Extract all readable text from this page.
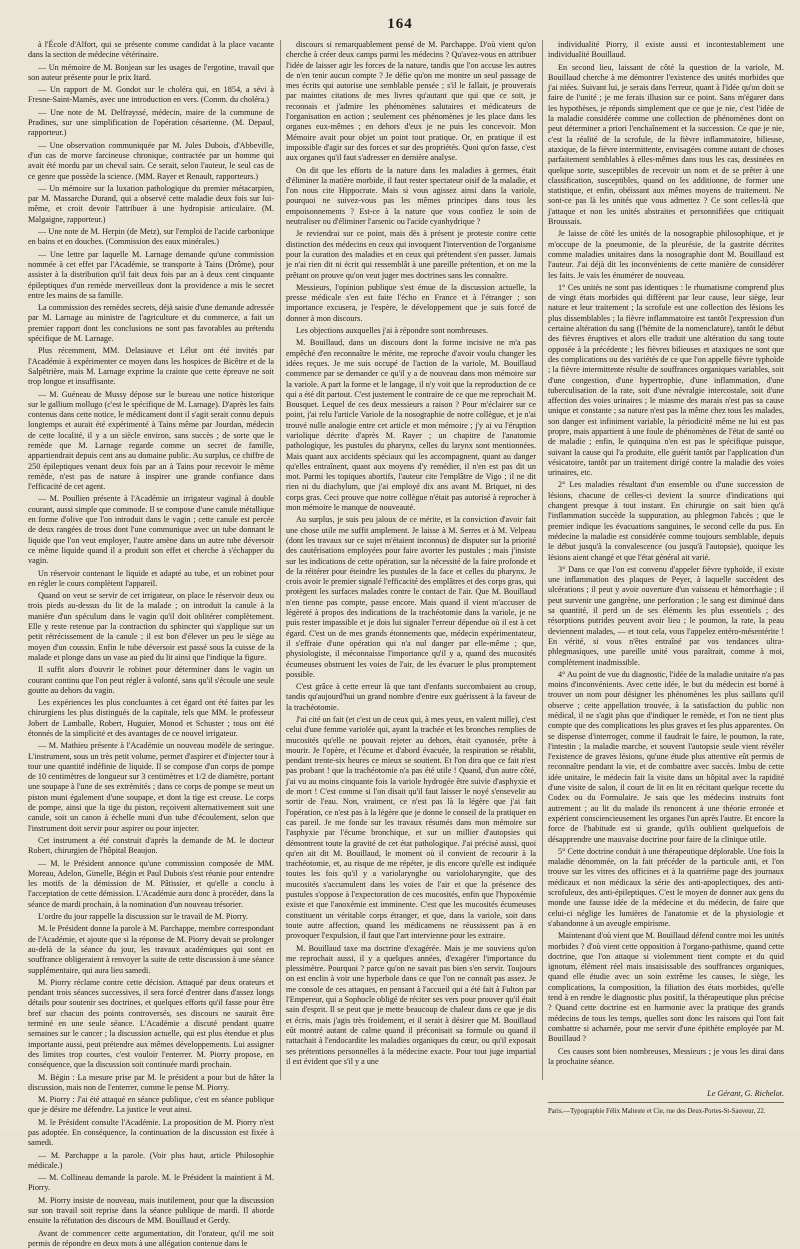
164

à l'École d'Alfort, qui se présente comme candidat à la place vacante dans la section de médecine vétérinaire.

— Un mémoire de M. Bonjean sur les usages de l'ergotine, travail que son auteur présente pour le prix Itard.

— Un rapport de M. Gondot sur le choléra qui, en 1854, a sévi à Fresne-Saint-Mamès, avec une introduction en vers. (Comm. du choléra.)

— Une note de M. Delfrayssé, médecin, maire de la commune de Pradines, sur une simplification de l'opération césarienne. (M. Depaul, rapporteur.)

— Une observation communiquée par M. Jules Dubois, d'Abbeville, d'un cas de morve farcineuse chronique, contractée par un homme qui avait été mordu par un cheval sain. Ce serait, selon l'auteur, le seul cas de ce genre que possède la science. (MM. Rayer et Renault, rapporteurs.)

— Un mémoire sur la luxation pathologique du premier métacarpien, par M. Massarche Durand, qui a observé cette maladie deux fois sur lui-même, et croit devoir l'attribuer à une hydropisie articulaire. (M. Malgaigne, rapporteur.)

— Une note de M. Herpin (de Metz), sur l'emploi de l'acide carbonique en bains et en douches. (Commission des eaux minérales.)

— Une lettre par laquelle M. Larnage demande qu'une commission nommée à cet effet par l'Académie, se transporte à Tains (Drôme), pour assister à la distribution qu'il fait deux fois par an à deux cent cinquante épileptiques d'un remède merveilleux dont la providence a mis le secret entre les mains de sa famille.

La commission des remèdes secrets, déjà saisie d'une demande adressée par M. Larnage au ministre de l'agriculture et du commerce, a fait un premier rapport dont les conclusions ne sont pas favorables au prétendu spécifique de M. Larnage.

Plus récemment, MM. Delasiauve et Lélut ont été invités par l'Académie à expérimenter ce moyen dans les hospices de Bicêtre et de la Salpêtrière, mais M. Larnage exprime la crainte que cette épreuve ne soit trop longue et insuffisante.

— M. Guéneau de Mussy dépose sur le bureau une notice historique sur le gallium mollugo (c'est le spécifique de M. Larnage). D'après les faits contenus dans cette notice, le médicament dont il s'agit serait connu depuis longtemps et aurait été expérimenté à Tains même par Jourdan, médecin de cette localité, il y a un siècle environ, sans succès ; de sorte que le remède que M. Larnage regarde comme un secret de famille, appartiendrait depuis cent ans au domaine public. Au surplus, ce chiffre de 250 épileptiques venant deux fois par an à Tains pour recevoir le même remède, n'est pas de nature à inspirer une grande confiance dans l'efficacité de cet agent.

— M. Poullien présente à l'Académie un irrigateur vaginal à double courant, aussi simple que commode. Il se compose d'une canule métallique en forme d'olive que l'on introduit dans le vagin ; cette canule est percée de deux rangées de trous dont l'une communique avec un tube donnant le liquide que l'on veut employer, l'autre amène dans un autre tube déversoir ce même liquide quand il a produit son effet et cherche à s'échapper du vagin.

Un réservoir contenant le liquide et adapté au tube, et un robinet pour en régler le cours complètent l'appareil.

Quand on veut se servir de cet irrigateur, on place le réservoir deux ou trois pieds au-dessus du lit de la malade ; on introduit la canule à la manière d'un spéculum dans le vagin qu'il doit oblitérer complètement. Elle y reste retenue par la contraction du sphincter qui s'applique sur un petit rétrécissement de la canule ; il est bon d'élever un peu le siège au moyen d'un coussin. Enfin le tube déversoir est passé sous la cuisse de la malade et plonge dans un vase au pied du lit ainsi que l'indique la figure.

Il suffit alors d'ouvrir le robinet pour déterminer dans le vagin un courant continu que l'on peut régler à volonté, sans qu'il s'écoule une seule goutte au dehors du vagin.

Les expériences les plus concluantes à cet égard ont été faites par les chirurgiens les plus distingués de la capitale, tels que MM. le professeur Jobert de Lamballe, Robert, Huguier, Monod et Schuster ; tous ont été étonnés de la simplicité et des avantages de ce nouvel irrigateur.

— M. Mathieu présente à l'Académie un nouveau modèle de seringue. L'instrument, sous un très petit volume, permet d'aspirer et d'injecter tour à tour une quantité indéfinie de liquide. Il se compose d'un corps de pompe de 10 centimètres de longueur sur 3 centimètres et 1/2 de diamètre, portant une soupape à l'une de ses extrémités ; dans ce corps de pompe se meut un piston muni également d'une soupape, et dont la tige est creuse. Le corps de pompe, ainsi que la tige du piston, reçoivent alternativement soit une canule, soit un canon à échelle muni d'un tube d'écoulement, selon que l'instrument doit servir pour aspirer ou pour injecter.

Cet instrument a été construit d'après la demande de M. le docteur Robert, chirurgien de l'hôpital Beaujon.

— M. le Président annonce qu'une commission composée de MM. Moreau, Adelon, Gimelle, Bégin et Paul Dubois s'est réunie pour entendre les motifs de la démission de M. Pâtissier, et qu'elle a conclu à l'acceptation de cette démission. L'Académie aura donc à procéder, dans la séance de mardi prochain, à la nomination d'un nouveau trésorier.

L'ordre du jour rappelle la discussion sur le travail de M. Piorry.

M. le Président donne la parole à M. Parchappe, membre correspondant de l'Académie, et ajoute que si la réponse de M. Piorry devait se prolonger au-delà de la séance du jour, les travaux académiques qui sont en souffrance obligeraient à renvoyer la suite de cette discussion à une séance supplémentaire, qui aura lieu samedi.

M. Piorry réclame contre cette décision. Attaqué par deux orateurs et pendant trois séances successives, il sera forcé d'entrer dans d'assez longs détails pour soutenir ses doctrines, et quelques efforts qu'il fasse pour être bref sur chacun des points controversés, ses discours ne saurait être terminé en une seule séance. L'Académie a discuté pendant quatre semaines sur le cancer ; la discussion actuelle, qui est plus étendue et plus importante aussi, peut prétendre aux mêmes développements. Lui assigner des limites trop courtes, c'est vouloir l'enterrer. M. Piorry propose, en conséquence, que la discussion soit continuée mardi prochain.

M. Bégin : La mesure prise par M. le président a pour but de hâter la discussion, mais non de l'enterrer, comme le pense M. Piorry.

M. Piorry : J'ai été attaqué en séance publique, c'est en séance publique que je désire me défendre. La justice le veut ainsi.

M. le Président consulte l'Académie. La proposition de M. Piorry n'est pas adoptée. En conséquence, la continuation de la discussion est fixée à samedi.

— M. Parchappe a la parole. (Voir plus haut, article Philosophie médicale.)

— M. Collineau demande la parole. M. le Président la maintient à M. Piorry.

M. Piorry insiste de nouveau, mais inutilement, pour que la discussion sur son travail soit reprise dans la séance publique de mardi. Il aborde ensuite la réfutation des discours de MM. Bouillaud et Gerdy.

Avant de commencer cette argumentation, dit l'orateur, qu'il me soit permis de répondre en deux mots à une allégation contenue dans le

discours si remarquablement pensé de M. Parchappe. D'où vient qu'on cherche à créer deux camps parmi les médecins ? Qu'avez-vous en attribuer l'idée de laisser agir les forces de la nature, tandis que l'on accuse les autres de n'en tenir aucun compte ? Je défie qu'on me montre un seul passage de mes écrits qui autorise une semblable pensée ; s'il le fallait, je prouverais par maintes citations de mes livres qu'autant que qui que ce soit, je reconnais et j'admire les phénomènes salutaires et médicateurs de l'organisation en action ; seulement ces phénomènes je les place dans les organes eux-mêmes ; en dehors d'eux je ne puis les concevoir. Mon Mémoire avait pour objet un point tout pratique. Or, en pratique il est impossible d'agir sur des forces et sur des propriétés. Quoi qu'on fasse, c'est aux organes qu'il faut s'adresser en dernière analyse.

On dit que les efforts de la nature dans les maladies à germes, était d'éliminer la matière morbide, il faut rester spectateur oisif de la maladie, et l'on nous cite Hippocrate. Mais si vous agissez ainsi dans la variole, pourquoi ne suivez-vous pas les mêmes principes dans tous les empoisonnements ? Est-ce à la nature que vous confiez le soin de neutraliser ou d'éliminer l'arsenic ou l'acide cyanhydrique ?

Je reviendrai sur ce point, mais dès à présent je proteste contre cette distinction des médecins en ceux qui invoquent l'intervention de l'organisme pour la curation des maladies et en ceux qui prétendent s'en passer. Jamais je n'ai rien dit ni écrit qui ressemblât à une pareille prétention, et on me la prêtant on prouve qu'on veut juger mes doctrines sans les connaître.

Messieurs, l'opinion publique s'est émue de la discussion actuelle, la presse médicale s'en est faite l'écho en France et à l'étranger ; son importance excusera, je l'espère, le développement que je suis forcé de donner à mon discours.

Les objections auxquelles j'ai à répondre sont nombreuses.

M. Bouillaud, dans un discours dont la forme incisive ne m'a pas empêché d'en reconnaître le mérite, me reproche d'avoir voulu changer les idées reçues. Je me suis occupé de l'action de la variole, M. Bouillaud commence par se demander ce qu'il y a de nouveau dans mon mémoire sur la variole. A part la forme et le langage, il n'y voit que la reproduction de ce qui a été dit partout. C'est justement le contraire de ce que me reprochait M. Bousquet. Lequel de ces deux messieurs a raison ? Pour m'éclairer sur ce point, j'ai relu l'article Variole de la nosographie de notre collègue, et je n'ai trouvé nulle analogie entre cet article et mon mémoire ; j'y ai vu l'éruption variolique décrite d'après M. Rayer ; un chapitre de l'anatomie pathologique, les pustules du pharynx, celles du larynx sont mentionnées. Mais quant aux accidents spéciaux qui les accompagnent, quant au danger qu'elles entraînent, quant aux moyens d'y remédier, il n'en est pas dit un mot. Parmi les topiques abortifs, l'auteur cite l'emplâtre de Vigo ; il ne dit rien ni du diachylum, que j'ai employé dix ans avant M. Briquet, ni des corps gras. Ceci prouve que notre collègue n'était pas autorisé à reprocher à mon mémoire le manque de nouveauté.

Au surplus, je suis peu jaloux de ce mérite, et la conviction d'avoir fait une chose utile me suffit amplement. Je laisse à M. Serres et à M. Velpeau (dont les travaux sur ce sujet m'étaient inconnus) de disputer sur la priorité des cautérisations employées pour faire avorter les pustules ; mais j'insiste sur les indications de cette opération, sur la nécessité de la faire profonde et de la réitérer pour éteindre les pustules de la face et celles du pharynx. Je crois avoir le premier signalé l'efficacité des emplâtres et des corps gras, qui protègent les surfaces malades contre le contact de l'air. Que M. Bouillaud n'en tienne pas compte, passe encore. Mais quand il vient m'accuser de légèreté à propos des indications de la trachéotomie dans la variole, je ne puis rester impassible et je dois lui signaler l'erreur dépendue où il est à cet égard. C'est un de mes grands étonnements que, médecin expérimentateur, il s'effraie d'une opération qui n'a nul danger par elle-même ; que, physiologiste, il méconnaisse l'importance qu'il y a, quand des mucosités écumeuses obstruent les voies de l'air, de les évacuer le plus promptement possible.

C'est grâce à cette erreur là que tant d'enfants succombaient au croup, tandis qu'aujourd'hui un grand nombre d'entre eux guérissent à la faveur de la trachéotomie.

J'ai cité un fait (et c'est un de ceux qui, à mes yeux, en valent mille), c'est celui d'une femme variolée qui, ayant la trachée et les bronches remplies de mucosités qu'elle ne pouvait rejeter au dehors, était cyanosée, prête à mourir. Je l'opère, et l'écume et d'abord évacuée, la respiration se rétablit, pendant trente-six heures ce mieux se soutient. Et l'on dira que ce fait n'est pas probant ! que la trachéotomie n'a pas été utile ! Quand, d'un autre côté, j'ai vu au moins cinquante fois la variole hydrogée être suivie d'asphyxie et de mort ! C'est comme si l'on disait qu'il faut laisser le noyé s'ensevelir au sortir de l'eau. Non, vraiment, ce n'est pas là la légère que j'ai fait l'opération, ce n'est pas à la légère que je donne le conseil de la pratiquer en cas pareil. Je me fonde sur les travaux résumés dans mon mémoire sur l'asphyxie par l'écume bronchique, et sur un millier d'autopsies qui démontrent toute la gravité de cet état pathologique. J'ai précisé aussi, quoi qu'en ait dit M. Bouillaud, le moment où il convient de recourir à la trachéotomie, et, au risque de me répéter, je dis encore qu'elle est indiquée toutes les fois qu'il y a variolarynghe ou varioloharyngite, que des mucosités s'accumulent dans les voies de l'air et que la présence des pustules s'oppose à l'expectoration de ces mucosités, enfin que l'hypoxémie existe et que l'anoxémie est imminente. C'est que les mucosités écumeuses constituent un véritable corps étranger, et que, dans la variole, soit dans toute autre affection, quand les médicamens ne réussissent pas à en provoquer l'expulsion, il faut que l'art intervienne pour les extraire.

M. Bouillaud taxe ma doctrine d'exagérée. Mais je me souviens qu'on me reprochait aussi, il y a quelques années, d'exagérer l'importance du plessimètre. Pourquoi ? parce qu'on ne savait pas bien s'en servir. Toujours on est enclin à voir une hyperbole dans ce que l'on ne connaît pas assez. Je me console de ces attaques, en pensant à l'accueil qui a été fait à Fulton par l'Empereur, qui a Sophocle obligé de réciter ses vers pour prouver qu'il était sain d'esprit. Il se peut que je mette beaucoup de chaleur dans ce que je dis et écris, mais j'agis très froidement, et il serait à désirer que M. Bouillaud eût montré autant de calme quand il préconisait sa formule ou quand il rattachait à l'endocardite les maladies organiques du cœur, ou qu'il exposait ses prétentions personnelles à la médecine exacte. Pour tout juge impartial il est évident que s'il y a une

individualité Piorry, il existe aussi et incontestablement une individualité Bouillaud.

En second lieu, laissant de côté la question de la variole, M. Bouillaud cherche à me démontrer l'existence des unités morbides que j'ai niées. Suivant lui, je serais dans l'erreur, quant à l'idée qu'on doit se faire de l'unité ; je me ferais illusion sur ce point. Sans m'égarer dans les hypothèses, je réponds simplement que ce que je nie, c'est l'idée de la maladie considérée comme une collection de phénomènes dont on peut déterminer a priori l'enchaînement et la succession. Ce que je nie, c'est la réalité de la scrofule, de la fièvre inflammatoire, bilieuse, ataxique, de la fièvre intermittente, envisagées comme autant de choses parfaitement semblables à elles-mêmes dans tous les cas, dessinées en quelque sorte, susceptibles de recevoir un nom et de se prêter à une classification, susceptibles, quand on les additionne, de former une statistique, et enfin, obéissant aux mêmes moyens de traitement. Ne sont-ce pas là les unités que vous admettez ? Ce sont celles-là que j'attaque et non les unités abstraites et personnifiées que critiquait Broussais.

Je laisse de côté les unités de la nosographie philosophique, et je m'occupe de la pneumonie, de la pleurésie, de la gastrite décrites comme maladies unitaires dans la nosographie dont M. Bouillaud est l'auteur. J'ai déjà dit les inconvénients de cette manière de considérer les faits. Je vais les énumérer de nouveau.

1° Ces unités ne sont pas identiques : le rhumatisme comprend plus de vingt états morbides qui diffèrent par leur cause, leur siège, leur nature et leur traitement ; la scrofule est une collection des lésions les plus dissemblables ; la fièvre inflammatoire est tantôt l'expression d'un certaine altération du sang (l'hémite de la nomenclature), tantôt le début des fièvres éruptives et alors elle traduit une altération du sang toute opposée à la précédente ; les fièvres bilieuses et ataxiques ne sont que des complications ou des variétés de ce que l'on appelle fièvre typhoïde ; la fièvre intermittente résulte de souffrances organiques variables, soit d'une congestion, d'une hypertrophie, d'une inflammation, d'une tuberculisation de la rate, soit d'une névralgie intercostale, soit d'une affection des voies urinaires ; le miasme des marais n'est pas sa cause unique et constante ; sa nature n'est pas la même chez tous les malades, son danger est infiniment variable, la périodicité même ne lui est pas propre, mais appartient à une foule de phénomènes de l'état de santé ou de maladie ; enfin, le quinquina n'en est pas le spécifique puisque, suivant la cause qui l'a produite, elle guérit tantôt par l'application d'un vésicatoire, tantôt par un traitement dirigé contre la maladie des voies urinaires, etc.

2° Les maladies résultant d'un ensemble ou d'une succession de lésions, chacune de celles-ci devient la source d'indications qui changent presque à tout instant. En chirurgie on sait bien qu'à l'inflammation succède la suppuration, au phlegmon l'abcès ; que le premier indique les évacuations sanguines, le second celle du pus. En médecine la maladie est considérée comme toujours semblable, depuis le début jusqu'à la convalescence (ou jusqu'à l'autopsie), quoique les lésions aient changé et que l'état général ait varié.

3° Dans ce que l'on est convenu d'appeler fièvre typhoïde, il existe une inflammation des plaques de Peyer, à laquelle succèdent des ulcérations ; il peut y avoir ouverture d'un vaisseau et hémorrhagie ; il peut survenir une gangrène, une perforation ; le sang est diminué dans sa quantité, il perd un de ses éléments les plus essentiels ; des résorptions putrides peuvent avoir lieu ; le poumon, la rate, la peau deviennent malades, — et tout cela, vous l'appelez entéro-mésentérite ! En vérité, si vous n'êtes entraîné par vos tendances ultra-phlegmasiques, une pareille unité vous paraîtrait, comme à moi, complètement inadmissible.

4° Au point de vue du diagnostic, l'idée de la maladie unitaire n'a pas moins d'inconvénients. Avec cette idée, le but du médecin est borné à trouver un nom pour désigner les phénomènes les plus saillans qu'il observe ; cette appellation trouvée, à la satisfaction du public non médical, il ne s'agit plus que d'indiquer le remède, et l'on ne tient plus compte que des complications les plus graves et les plus apparentes. On se dispense d'interroger, comme il faudrait le faire, le poumon, la rate, l'intestin ; la maladie marche, et souvent l'autopsie seule vient révéler l'existence de graves lésions, qu'une étude plus attentive eût permis de reconnaître pendant la vie, et de combattre avec succès. Imbu de cette idée unitaire, le médecin fait la visite dans un hôpital avec la rapidité d'une visite de salon, il court de lit en lit en récitant quelque recette du Codex ou du Formulaire. Je sais que les médecins instruits font autrement ; au lit du malade ils renoncent à une théorie erronée et expérient consciencieusement les organes l'un après l'autre. Et encore la force de l'habitude est si grande, qu'ils oublient quelquefois de désapprendre une mauvaise doctrine pour faire de la clinique utile.

5° Cette doctrine conduit à une thérapeutique déplorable. Une fois la maladie dénommée, on la fait précéder de la particule anti, et l'on trouve sur les vitres des officines et à la quatrième page des journaux médicaux et non médicaux la série des anti-apoplectiques, des anti-scrofuleux, des anti-épileptiques. C'est le moyen de donner aux gens du monde une fausse idée de la médecine et du médecin, de faire que celui-ci néglige les lumières de l'anatomie et de la physiologie et s'abandonne à un aveugle empirisme.

Maintenant d'où vient que M. Bouillaud défend contre moi les unités morbides ? d'où vient cette opposition à l'organo-pathisme, quand cette doctrine, que l'on attaque si violemment tient compte et du quid ignotum, élément réel mais insaisissable des souffrances organiques, quand elle étudie avec un soin extrême les causes, le siège, les complications, la composition, la filiation des états morbides, qu'elle tend à en rendre le diagnostic plus positif, la thérapeutique plus précise ? Quand cette doctrine est en harmonie avec la pratique des grands médecins de tous les temps, quelles sont donc les raisons qui l'ont fait combattre si acharnée, pour me servir d'une épithète employée par M. Bouillaud ?

Ces causes sont bien nombreuses, Messieurs ; je vous les dirai dans la prochaine séance.

Le Gérant, G. Richelot.
Paris.—Typographie Félix Malteste et Cie, rue des Deux-Portes-St-Sauveur, 22.
